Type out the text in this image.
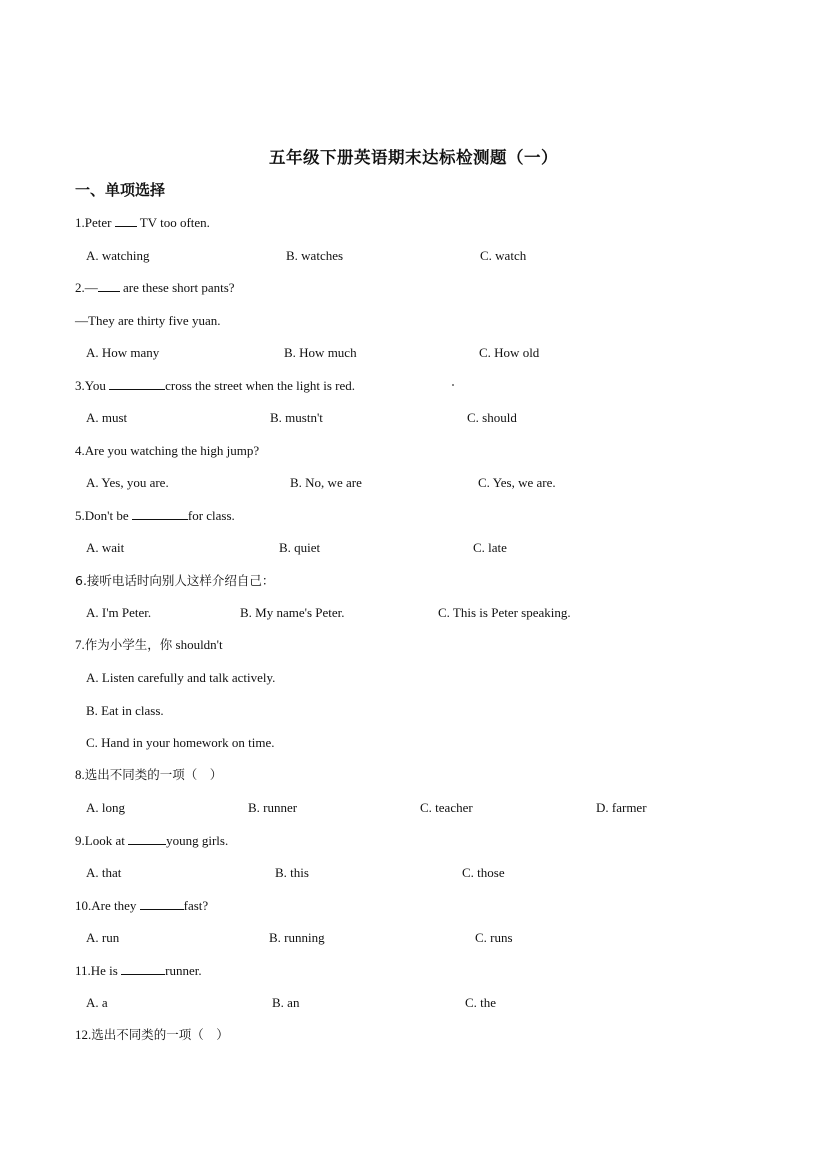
五年级下册英语期末达标检测题（一）
一、单项选择
1.Peter  TV too often.
A. watching	B. watches	C. watch
2.— are these short pants?
—They are thirty five yuan.
A. How many	B. How much	C. How old
3.You	cross the street when the light is red.
A. must	B. mustn't	C. should
4.Are you watching the high jump?
A. Yes, you are.	B. No, we are	C. Yes, we are.
5.Don't be	for class.
A. wait	B. quiet	C. late
6.接听电话时向别人这样介绍自己：
A. I'm Peter.	B. My name's Peter.	C. This is Peter speaking.
7.作为小学生，你 shouldn't
A. Listen carefully and talk actively.
B. Eat in class.
C. Hand in your homework on time.
8.选出不同类的一项（　）
A. long	B. runner	C. teacher	D. farmer
9.Look at	young girls.
A. that	B. this	C. those
10.Are they	fast?
A. run	B. running	C. runs
11.He is	runner.
A. a	B. an	C. the
12.选出不同类的一项（　）
